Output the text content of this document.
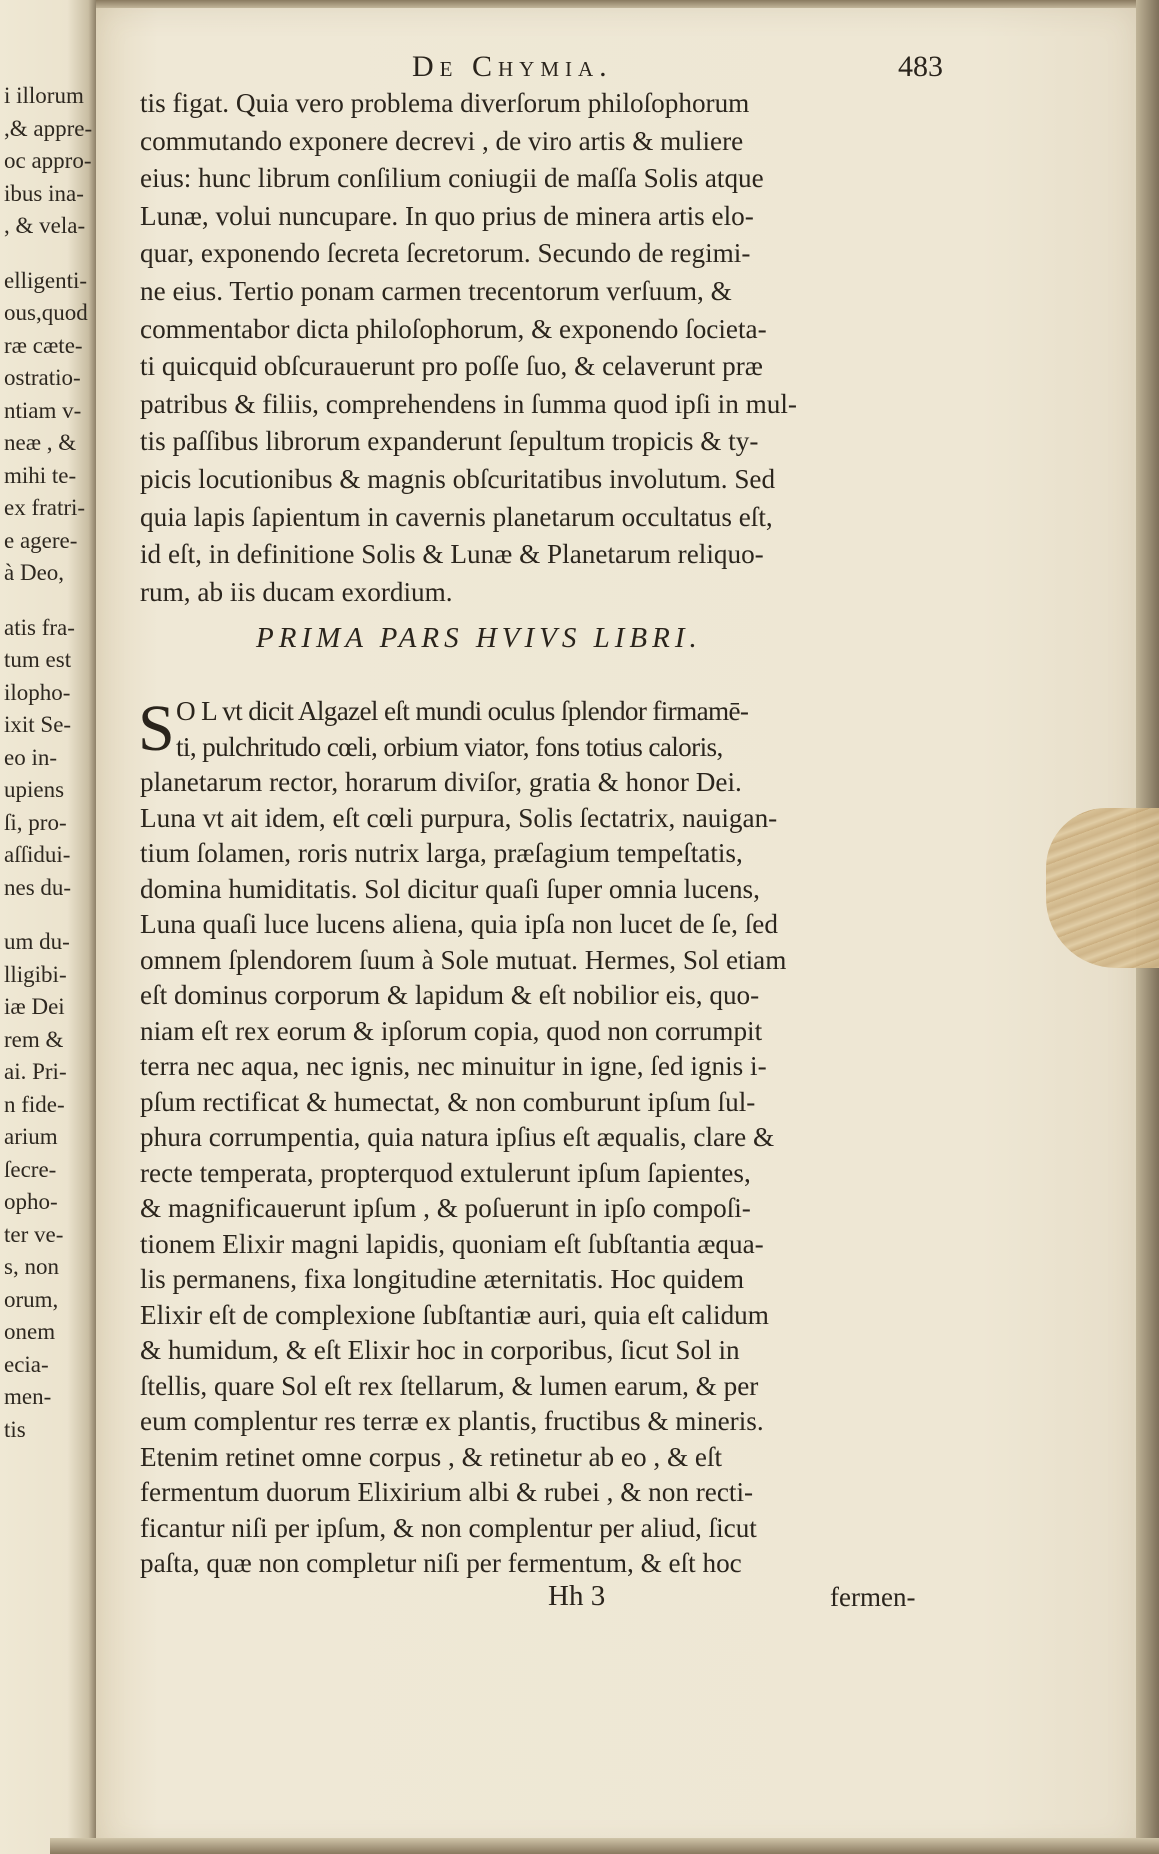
i illorum
,& appre-
oc appro-
ibus ina-
, & vela-
elligenti-
ous,quod
ræ cæte-
ostratio-
ntiam v-
neæ , &
mihi te-
ex fratri-
e agere-
à Deo,
atis fra-
tum est
ilopho-
ixit Se-
eo in-
upiens
ſi, pro-
aſſidui-
nes du-
um du-
lligibi-
iæ Dei
rem &
ai. Pri-
n fide-
arium
ſecre-
opho-
ter ve-
s, non
orum,
onem
ecia-
men-
tis
De Chymia.	483
tis figat. Quia vero problema diverſorum philoſophorum
commutando exponere decrevi , de viro artis & muliere
eius: hunc librum conſilium coniugii de maſſa Solis atque
Lunæ, volui nuncupare. In quo prius de minera artis elo-
quar, exponendo ſecreta ſecretorum. Secundo de regimi-
ne eius. Tertio ponam carmen trecentorum verſuum, &
commentabor dicta philoſophorum, & exponendo ſocieta-
ti quicquid obſcurauerunt pro poſſe ſuo, & celaverunt præ
patribus & filiis, comprehendens in ſumma quod ipſi in mul-
tis paſſibus librorum expanderunt ſepultum tropicis & ty-
picis locutionibus & magnis obſcuritatibus involutum. Sed
quia lapis ſapientum in cavernis planetarum occultatus eſt,
id eſt, in definitione Solis & Lunæ & Planetarum reliquo-
rum, ab iis ducam exordium.
PRIMA PARS HVIVS LIBRI.
S O L vt dicit Algazel eſt mundi oculus ſplendor firmamē-
ti, pulchritudo cœli, orbium viator, fons totius caloris,
planetarum rector, horarum diviſor, gratia & honor Dei.
Luna vt ait idem, eſt cœli purpura, Solis ſectatrix, nauigan-
tium ſolamen, roris nutrix larga, præſagium tempeſtatis,
domina humiditatis. Sol dicitur quaſi ſuper omnia lucens,
Luna quaſi luce lucens aliena, quia ipſa non lucet de ſe, ſed
omnem ſplendorem ſuum à Sole mutuat. Hermes, Sol etiam
eſt dominus corporum & lapidum & eſt nobilior eis, quo-
niam eſt rex eorum & ipſorum copia, quod non corrumpit
terra nec aqua, nec ignis, nec minuitur in igne, ſed ignis i-
pſum rectificat & humectat, & non comburunt ipſum ſul-
phura corrumpentia, quia natura ipſius eſt æqualis, clare &
recte temperata, propterquod extulerunt ipſum ſapientes,
& magnificauerunt ipſum , & poſuerunt in ipſo compoſi-
tionem Elixir magni lapidis, quoniam eſt ſubſtantia æqua-
lis permanens, fixa longitudine æternitatis. Hoc quidem
Elixir eſt de complexione ſubſtantiæ auri, quia eſt calidum
& humidum, & eſt Elixir hoc in corporibus, ſicut Sol in
ſtellis, quare Sol eſt rex ſtellarum, & lumen earum, & per
eum complentur res terræ ex plantis, fructibus & mineris.
Etenim retinet omne corpus , & retinetur ab eo , & eſt
fermentum duorum Elixirium albi & rubei , & non recti-
ficantur niſi per ipſum, & non complentur per aliud, ſicut
paſta, quæ non completur niſi per fermentum, & eſt hoc
Hh 3	fermen-
